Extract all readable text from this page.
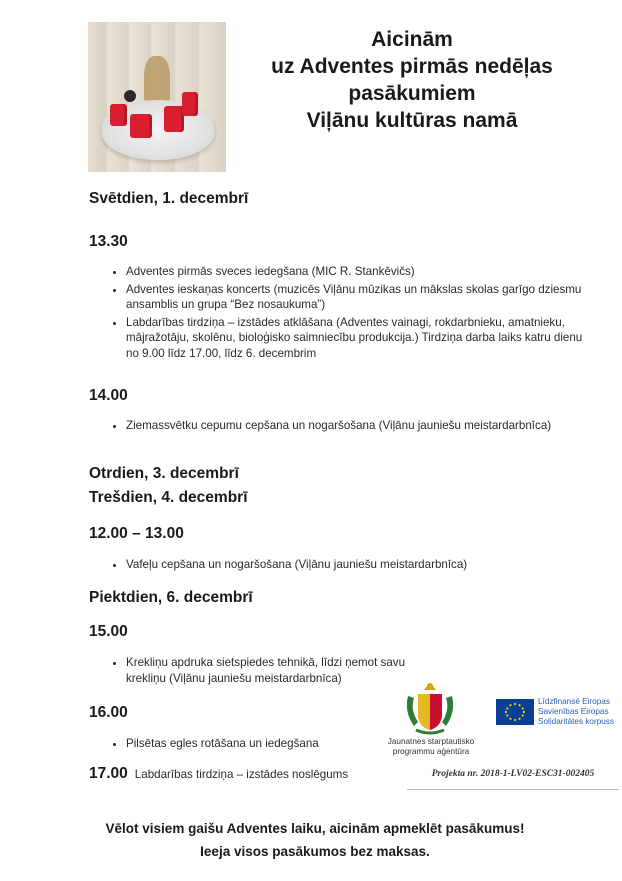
Aicinām
uz Adventes pirmās nedēļas
pasākumiem
Viļānu kultūras namā
Svētdien, 1. decembrī
13.30
• Adventes pirmās sveces iedegšana (MIC R. Stankēvičs)
• Adventes ieskaņas koncerts (muzicēs Viļānu mūzikas un mākslas skolas garīgo dziesmu ansamblis un grupa “Bez nosaukuma”)
• Labdarības tirdziņa – izstādes atklāšana (Adventes vainagi, rokdarbnieku, amatnieku, mājražotāju, skolēnu, bioloģisko saimniecību produkcija.) Tirdziņa darba laiks katru dienu no 9.00 līdz 17.00, līdz 6. decembrim
14.00
• Ziemassvētku cepumu cepšana un nogaršošana (Viļānu jauniešu meistardarbnīca)
Otrdien, 3. decembrī
Trešdien, 4. decembrī
12.00 – 13.00
• Vafeļu cepšana un nogaršošana (Viļānu jauniešu meistardarbnīca)
Piektdien, 6. decembrī
15.00
• Krekliņu apdruka sietspiedes tehnikā, līdzi ņemot savu krekliņu (Viļānu jauniešu meistardarbnīca)
16.00
• Pilsētas egles rotāšana un iedegšana
17.00 Labdarības tirdziņa – izstādes noslēgums
Jaunatnes starptautisko
programmu aģentūra
Līdzfinansē Eiropas
Savienības Eiropas
Solidaritātes korpuss
Projekta nr. 2018-1-LV02-ESC31-002405
Vēlot visiem gaišu Adventes laiku, aicinām apmeklēt pasākumus!
Ieeja visos pasākumos bez maksas.
